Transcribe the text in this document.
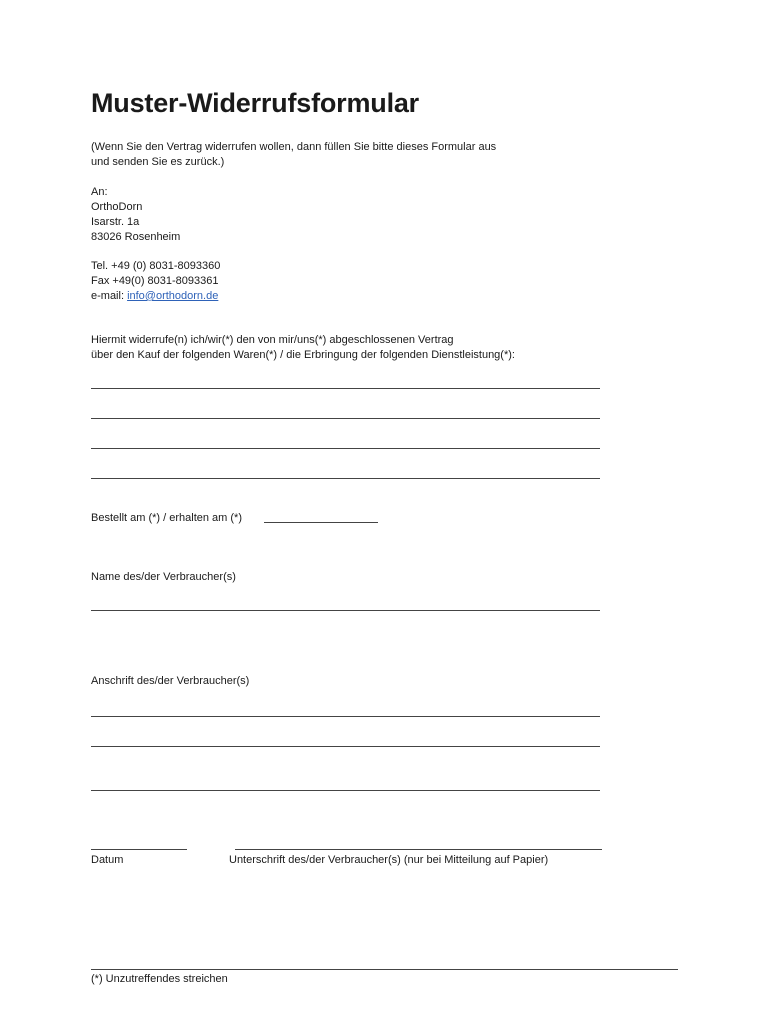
Muster-Widerrufsformular
(Wenn Sie den Vertrag widerrufen wollen, dann füllen Sie bitte dieses Formular aus
und senden Sie es zurück.)
An:
OrthoDorn
Isarstr. 1a
83026 Rosenheim
Tel. +49 (0) 8031-8093360
Fax +49(0) 8031-8093361
e-mail: info@orthodorn.de
Hiermit widerrufe(n) ich/wir(*) den von mir/uns(*) abgeschlossenen Vertrag
über den Kauf der folgenden Waren(*) / die Erbringung der folgenden Dienstleistung(*):
Bestellt am (*) / erhalten am (*)
Name des/der Verbraucher(s)
Anschrift des/der Verbraucher(s)
Datum	Unterschrift des/der Verbraucher(s) (nur bei Mitteilung auf Papier)
(*) Unzutreffendes streichen
